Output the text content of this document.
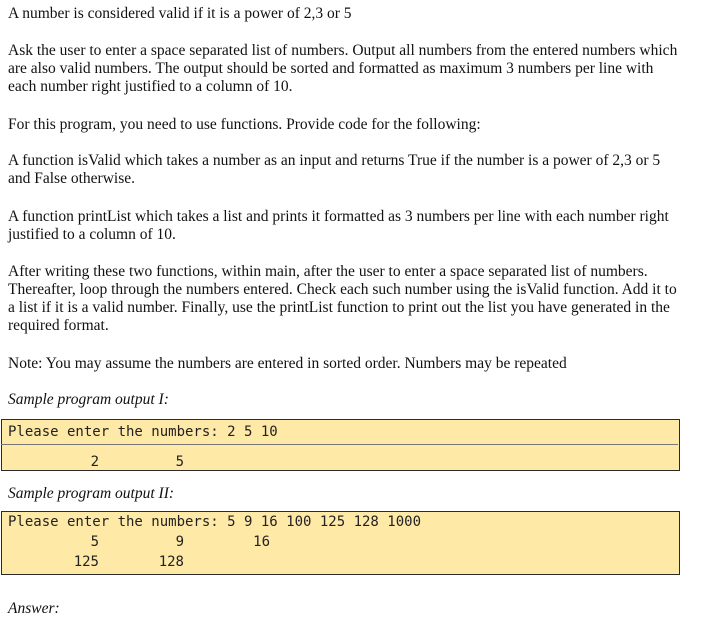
A number is considered valid if it is a power of 2,3 or 5

Ask the user to enter a space separated list of numbers. Output all numbers from the entered numbers which are also valid numbers. The output should be sorted and formatted as maximum 3 numbers per line with each number right justified to a column of 10.

For this program, you need to use functions. Provide code for the following:

A function isValid which takes a number as an input and returns True if the number is a power of 2,3 or 5 and False otherwise.

A function printList which takes a list and prints it formatted as 3 numbers per line with each number right justified to a column of 10.

After writing these two functions, within main, after the user to enter a space separated list of numbers. Thereafter, loop through the numbers entered. Check each such number using the isValid function. Add it to a list if it is a valid number. Finally, use the printList function to print out the list you have generated in the required format.

Note: You may assume the numbers are entered in sorted order. Numbers may be repeated

Sample program output I:

Please enter the numbers: 2 5 10
2	5

Sample program output II:

Please enter the numbers: 5 9 16 100 125 128 1000
5	9	16
125	128

Answer:
